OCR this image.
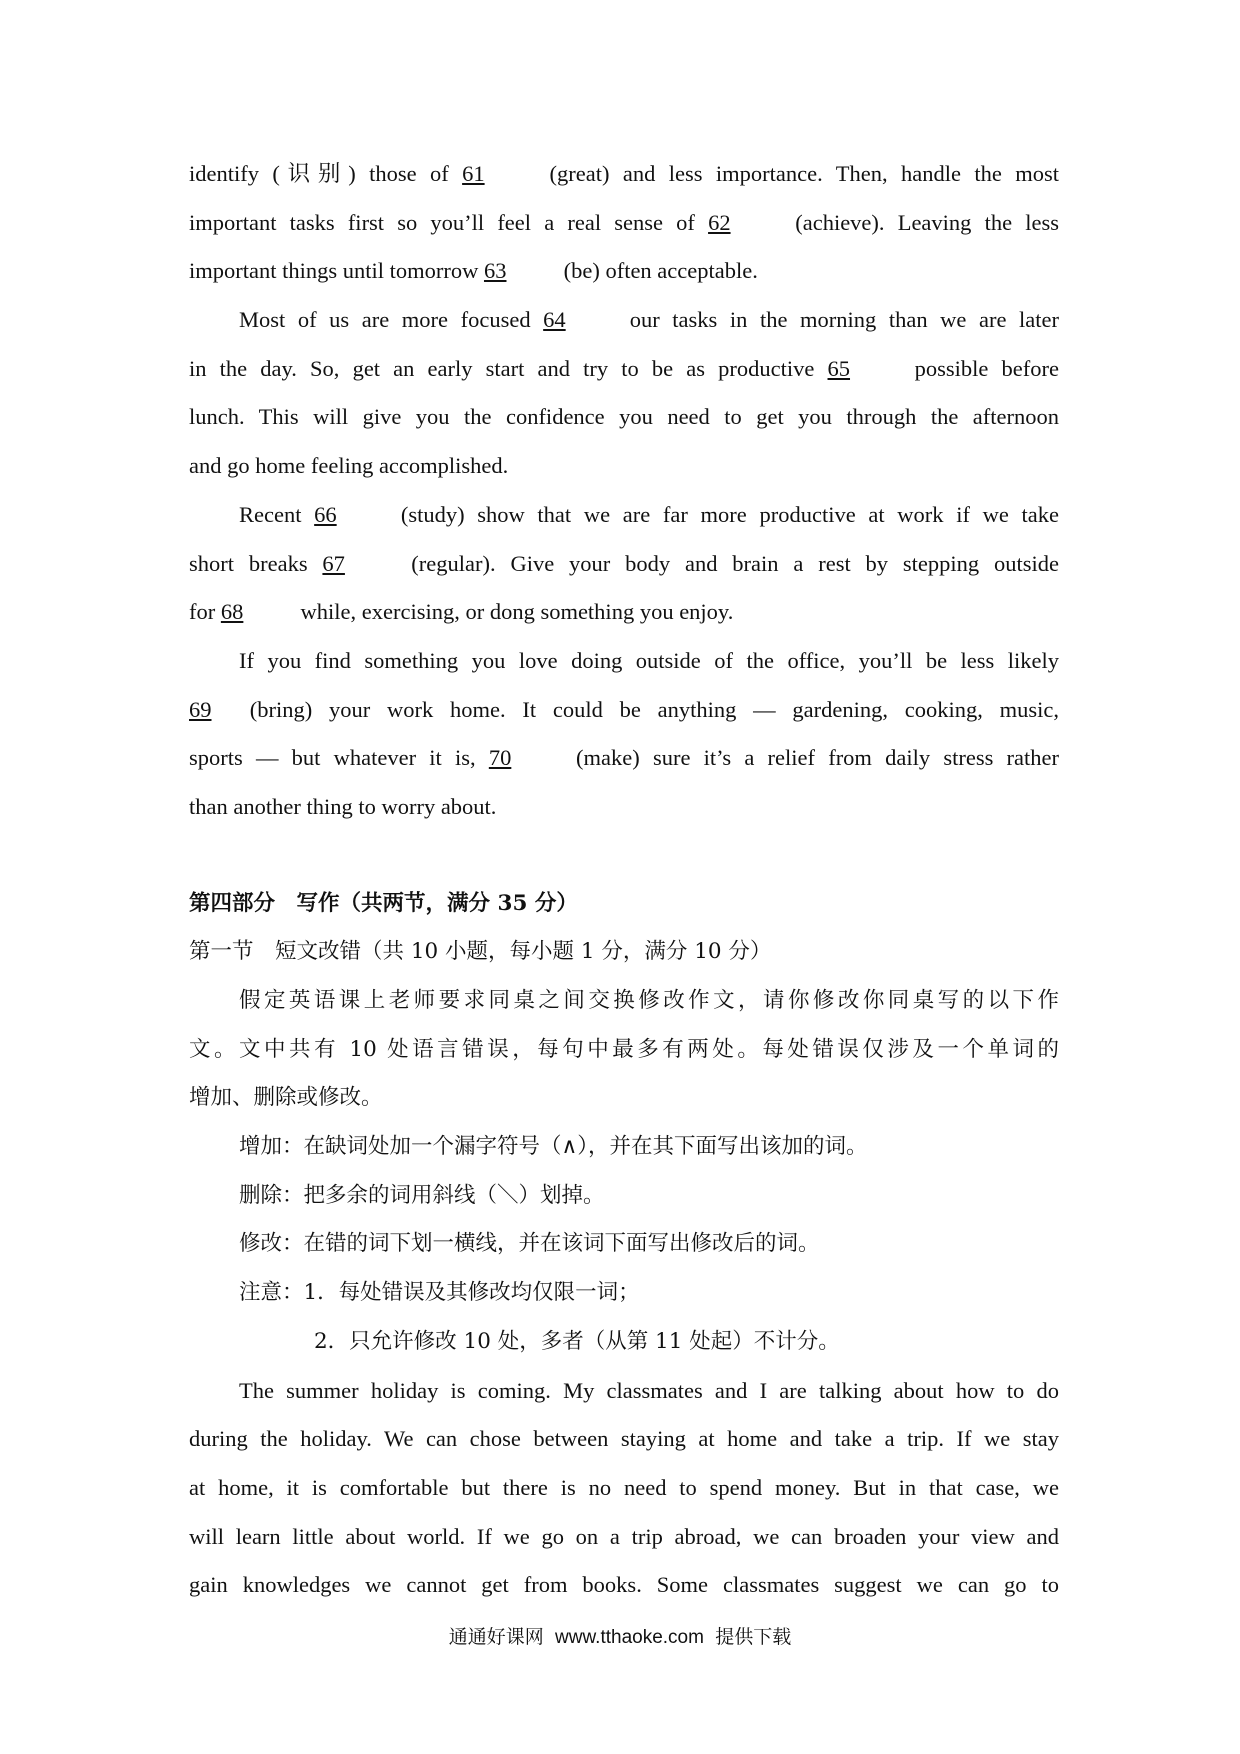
identify (识别) those of 61 (great) and less importance. Then, handle the most
important tasks first so you’ll feel a real sense of 62 (achieve). Leaving the less
important things until tomorrow 63 (be) often acceptable.
Most of us are more focused 64 our tasks in the morning than we are later
in the day. So, get an early start and try to be as productive 65 possible before
lunch. This will give you the confidence you need to get you through the afternoon
and go home feeling accomplished.
Recent 66 (study) show that we are far more productive at work if we take
short breaks 67 (regular). Give your body and brain a rest by stepping outside
for 68 while, exercising, or dong something you enjoy.
If you find something you love doing outside of the office, you’ll be less likely
69 (bring) your work home. It could be anything — gardening, cooking, music,
sports — but whatever it is, 70 (make) sure it’s a relief from daily stress rather
than another thing to worry about.
第四部分　写作（共两节，满分 35 分）
第一节　短文改错（共 10 小题，每小题 1 分，满分 10 分）
假定英语课上老师要求同桌之间交换修改作文，请你修改你同桌写的以下作
文。文中共有 10 处语言错误，每句中最多有两处。每处错误仅涉及一个单词的
增加、删除或修改。
增加：在缺词处加一个漏字符号（∧），并在其下面写出该加的词。
删除：把多余的词用斜线（＼）划掉。
修改：在错的词下划一横线，并在该词下面写出修改后的词。
注意：1．每处错误及其修改均仅限一词；
2．只允许修改 10 处，多者（从第 11 处起）不计分。
The summer holiday is coming. My classmates and I are talking about how to do
during the holiday. We can chose between staying at home and take a trip. If we stay
at home, it is comfortable but there is no need to spend money. But in that case, we
will learn little about world. If we go on a trip abroad, we can broaden your view and
gain knowledges we cannot get from books. Some classmates suggest we can go to
通通好课网 www.tthaoke.com 提供下载
